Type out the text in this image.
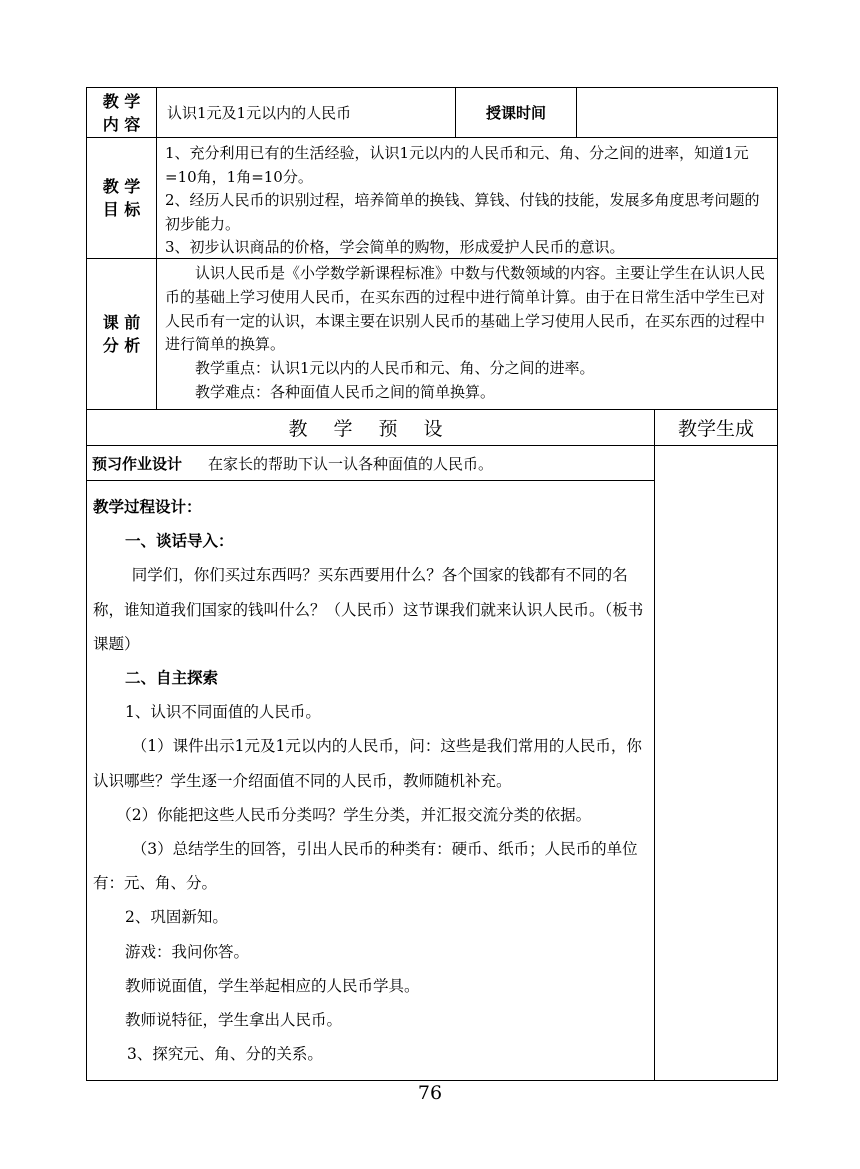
教 学
内 容
认识1元及1元以内的人民币	授课时间
教 学
目 标
1、充分利用已有的生活经验，认识1元以内的人民币和元、角、分之间的进率，知道1元=10角，1角=10分。
2、经历人民币的识别过程，培养简单的换钱、算钱、付钱的技能，发展多角度思考问题的初步能力。
3、初步认识商品的价格，学会简单的购物，形成爱护人民币的意识。
课 前
分 析
认识人民币是《小学数学新课程标准》中数与代数领域的内容。主要让学生在认识人民币的基础上学习使用人民币，在买东西的过程中进行简单计算。由于在日常生活中学生已对人民币有一定的认识，本课主要在识别人民币的基础上学习使用人民币，在买东西的过程中进行简单的换算。
教学重点：认识1元以内的人民币和元、角、分之间的进率。
教学难点：各种面值人民币之间的简单换算。
教 学 预 设	教学生成
预习作业设计 在家长的帮助下认一认各种面值的人民币。

教学过程设计：

一、谈话导入：

同学们，你们买过东西吗？买东西要用什么？各个国家的钱都有不同的名称，谁知道我们国家的钱叫什么？（人民币）这节课我们就来认识人民币。（板书课题）

二、自主探索

1、认识不同面值的人民币。

（1）课件出示1元及1元以内的人民币，问：这些是我们常用的人民币，你认识哪些？学生逐一介绍面值不同的人民币，教师随机补充。

（2）你能把这些人民币分类吗？学生分类，并汇报交流分类的依据。

（3）总结学生的回答，引出人民币的种类有：硬币、纸币；人民币的单位有：元、角、分。

2、巩固新知。

游戏：我问你答。

教师说面值，学生举起相应的人民币学具。

教师说特征，学生拿出人民币。

3、探究元、角、分的关系。

76
